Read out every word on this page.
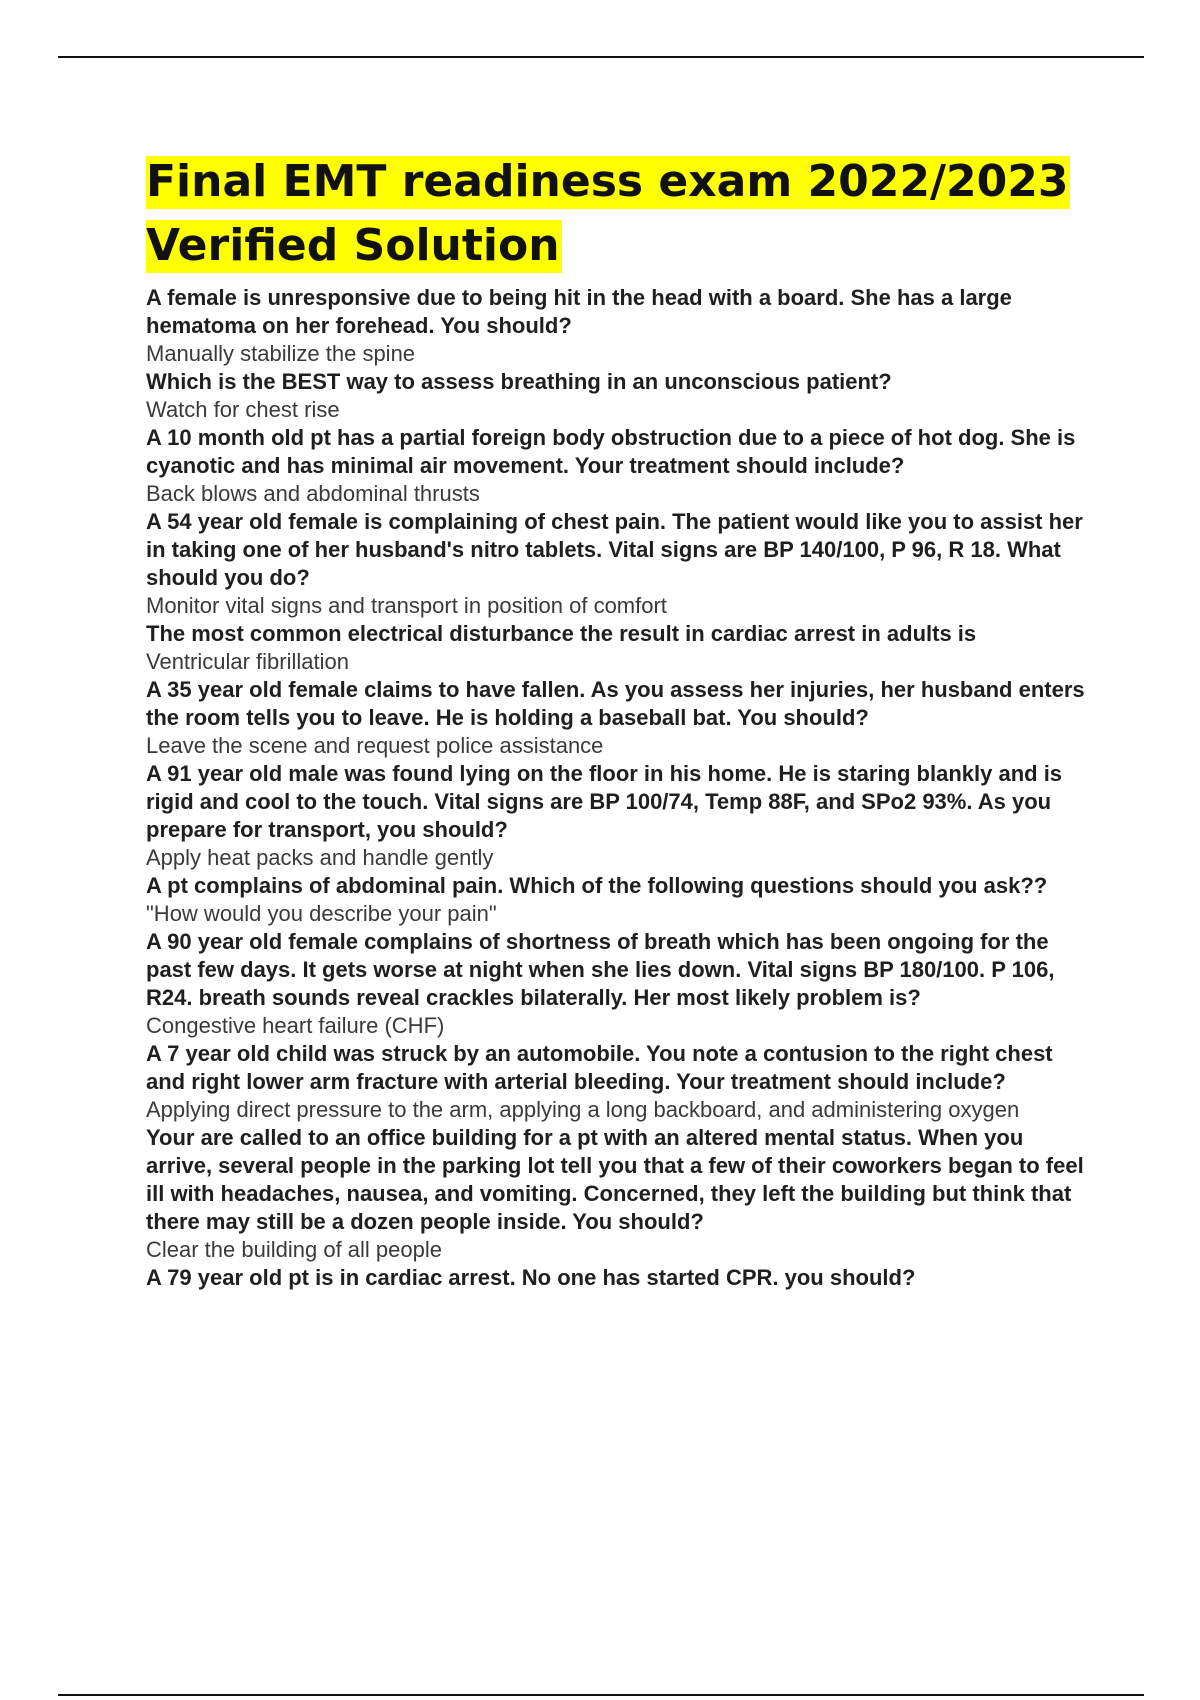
Final EMT readiness exam 2022/2023
Verified Solution

A female is unresponsive due to being hit in the head with a board. She has a large hematoma on her forehead. You should?

Manually stabilize the spine

Which is the BEST way to assess breathing in an unconscious patient?

Watch for chest rise

A 10 month old pt has a partial foreign body obstruction due to a piece of hot dog. She is cyanotic and has minimal air movement. Your treatment should include?

Back blows and abdominal thrusts

A 54 year old female is complaining of chest pain. The patient would like you to assist her in taking one of her husband's nitro tablets. Vital signs are BP 140/100, P 96, R 18. What should you do?

Monitor vital signs and transport in position of comfort

The most common electrical disturbance the result in cardiac arrest in adults is

Ventricular fibrillation

A 35 year old female claims to have fallen. As you assess her injuries, her husband enters the room tells you to leave. He is holding a baseball bat. You should?

Leave the scene and request police assistance

A 91 year old male was found lying on the floor in his home. He is staring blankly and is rigid and cool to the touch. Vital signs are BP 100/74, Temp 88F, and SPo2 93%. As you prepare for transport, you should?

Apply heat packs and handle gently

A pt complains of abdominal pain. Which of the following questions should you ask??

"How would you describe your pain"

A 90 year old female complains of shortness of breath which has been ongoing for the past few days. It gets worse at night when she lies down. Vital signs BP 180/100. P 106, R24. breath sounds reveal crackles bilaterally. Her most likely problem is?

Congestive heart failure (CHF)

A 7 year old child was struck by an automobile. You note a contusion to the right chest and right lower arm fracture with arterial bleeding. Your treatment should include?

Applying direct pressure to the arm, applying a long backboard, and administering oxygen

Your are called to an office building for a pt with an altered mental status. When you arrive, several people in the parking lot tell you that a few of their coworkers began to feel ill with headaches, nausea, and vomiting. Concerned, they left the building but think that there may still be a dozen people inside. You should?

Clear the building of all people

A 79 year old pt is in cardiac arrest. No one has started CPR. you should?
